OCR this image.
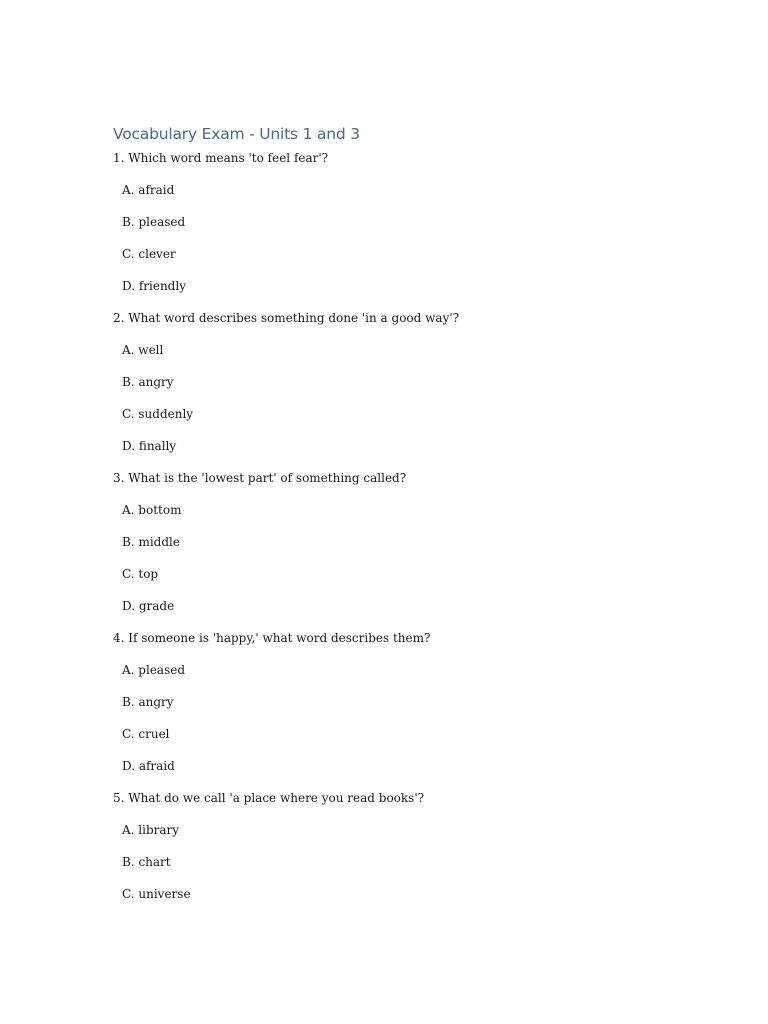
Vocabulary Exam - Units 1 and 3
1. Which word means 'to feel fear'?
A. afraid
B. pleased
C. clever
D. friendly
2. What word describes something done 'in a good way'?
A. well
B. angry
C. suddenly
D. finally
3. What is the 'lowest part' of something called?
A. bottom
B. middle
C. top
D. grade
4. If someone is 'happy,' what word describes them?
A. pleased
B. angry
C. cruel
D. afraid
5. What do we call 'a place where you read books'?
A. library
B. chart
C. universe
